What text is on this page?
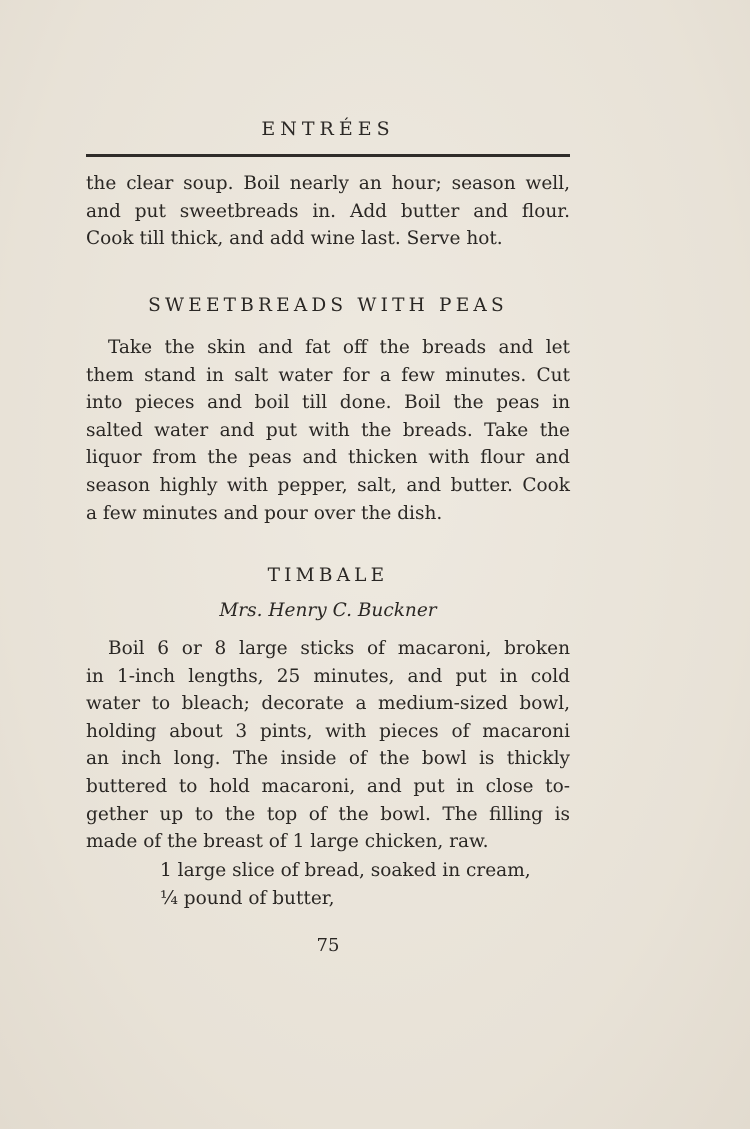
ENTRÉES

the clear soup. Boil nearly an hour; season well,
and put sweetbreads in. Add butter and flour.
Cook till thick, and add wine last. Serve hot.

SWEETBREADS WITH PEAS

Take the skin and fat off the breads and let
them stand in salt water for a few minutes. Cut
into pieces and boil till done. Boil the peas in
salted water and put with the breads. Take the
liquor from the peas and thicken with flour and
season highly with pepper, salt, and butter. Cook
a few minutes and pour over the dish.

TIMBALE

Mrs. Henry C. Buckner

Boil 6 or 8 large sticks of macaroni, broken
in 1-inch lengths, 25 minutes, and put in cold
water to bleach; decorate a medium-sized bowl,
holding about 3 pints, with pieces of macaroni
an inch long. The inside of the bowl is thickly
buttered to hold macaroni, and put in close to-
gether up to the top of the bowl. The filling is
made of the breast of 1 large chicken, raw.

1 large slice of bread, soaked in cream,

¼ pound of butter,

75
